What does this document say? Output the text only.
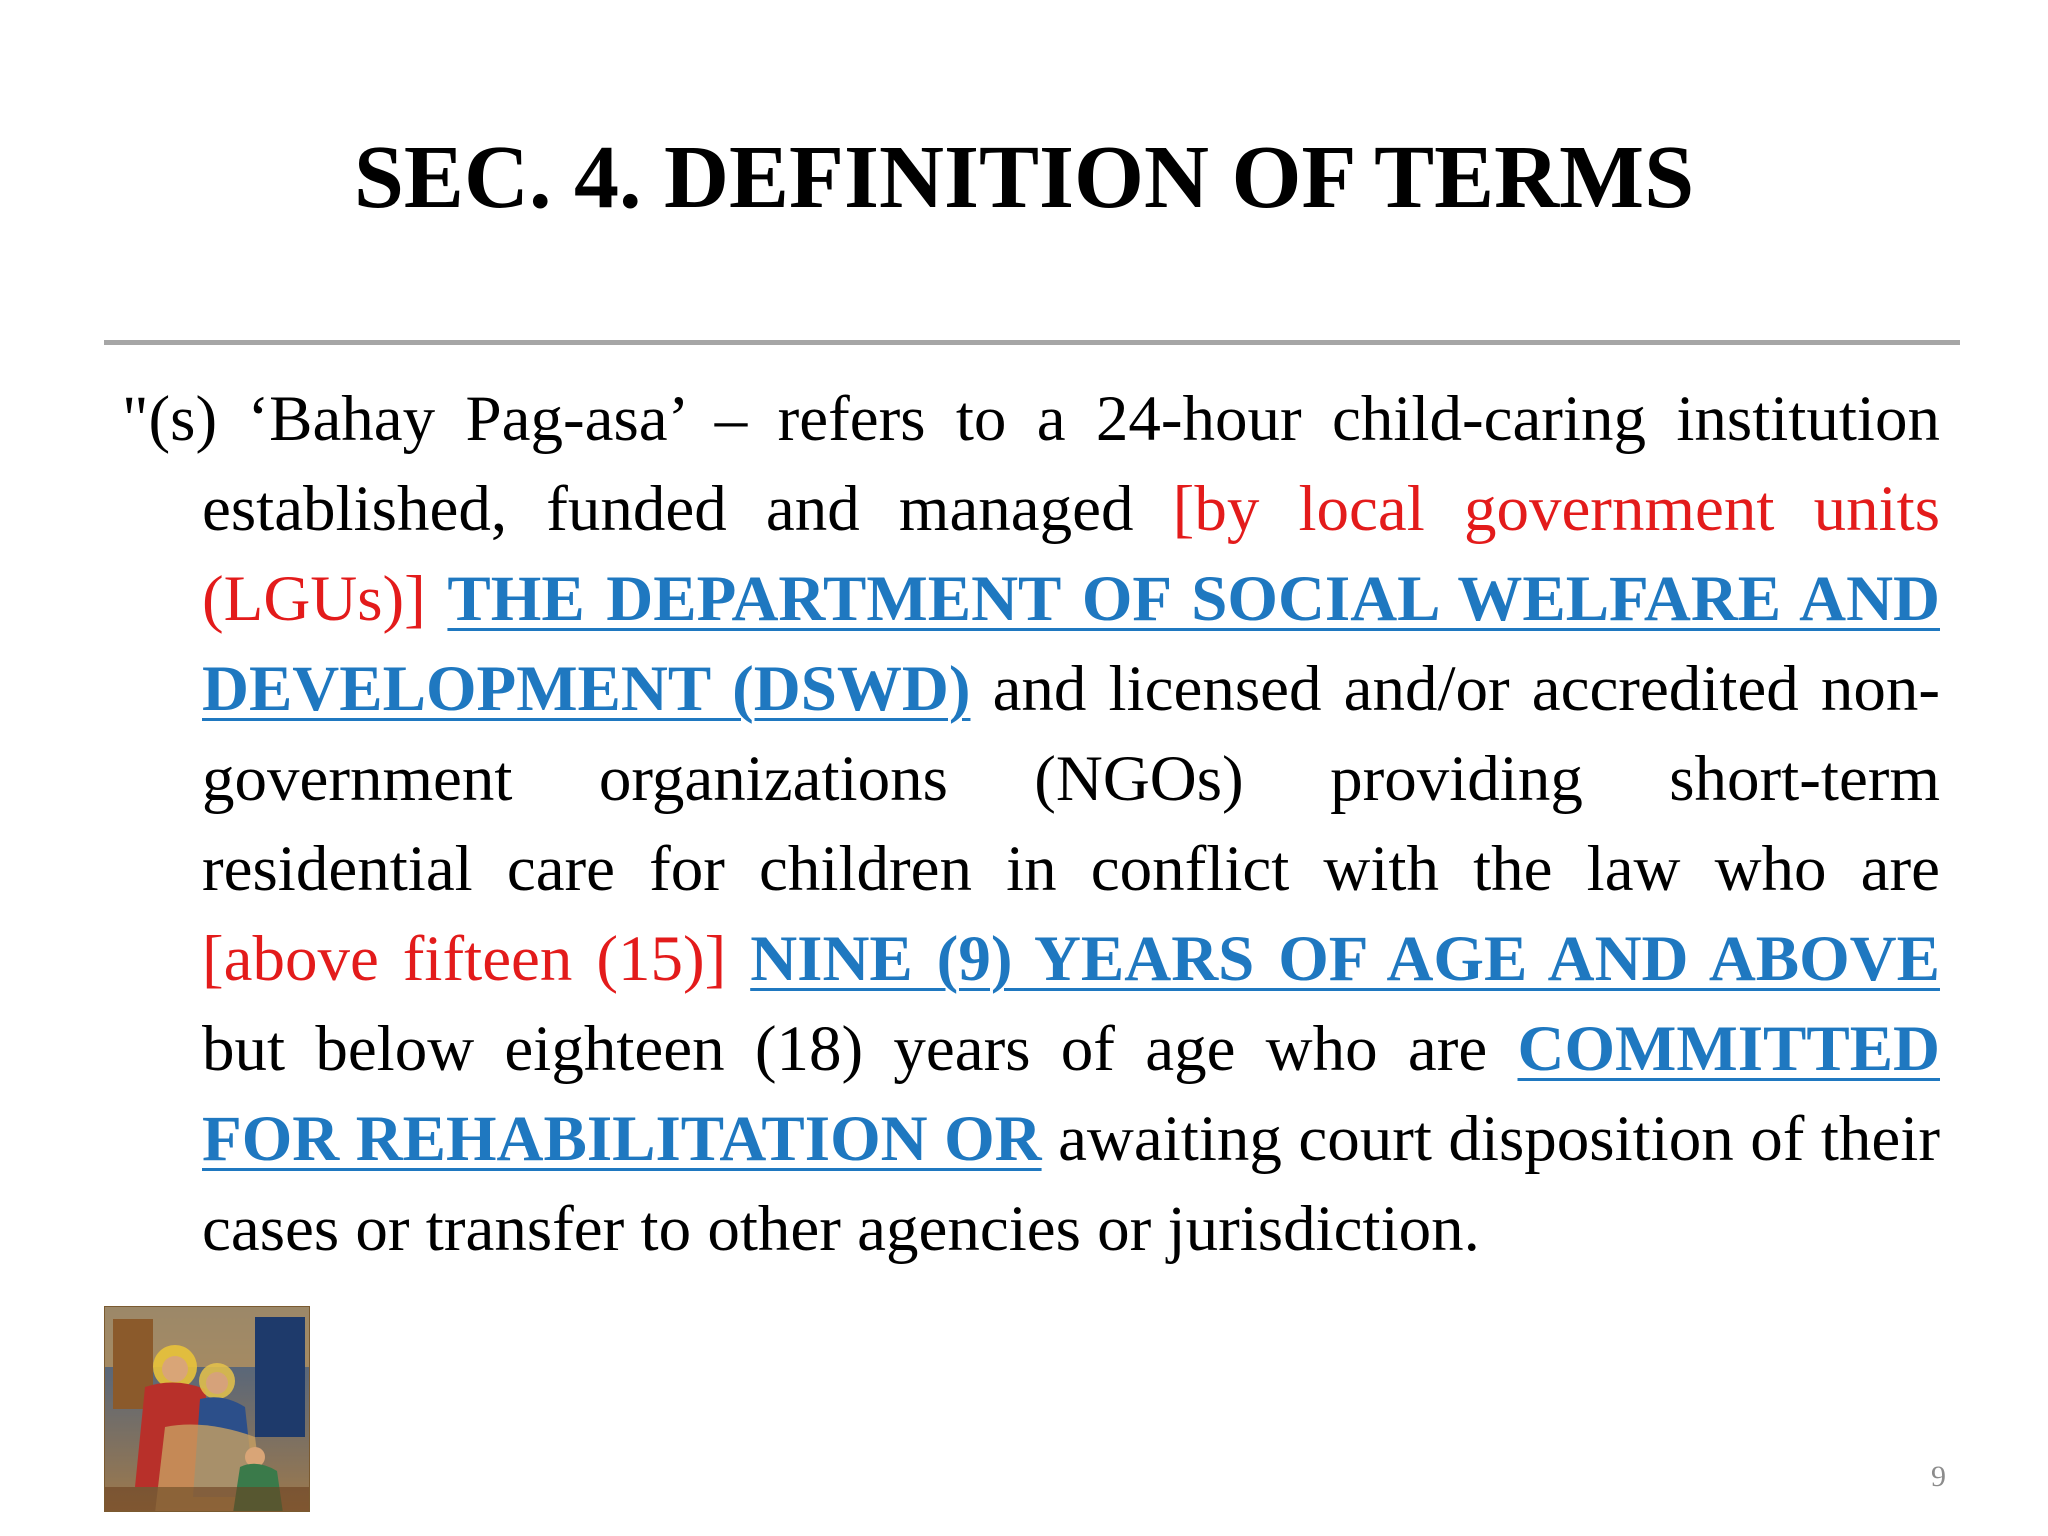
SEC. 4. DEFINITION OF TERMS
"(s) ‘Bahay Pag-asa’ – refers to a 24-hour child-caring institution established, funded and managed [by local government units (LGUs)] THE DEPARTMENT OF SOCIAL WELFARE AND DEVELOPMENT (DSWD) and licensed and/or accredited non-government organizations (NGOs) providing short-term residential care for children in conflict with the law who are [above fifteen (15)] NINE (9) YEARS OF AGE AND ABOVE but below eighteen (18) years of age who are COMMITTED FOR REHABILITATION OR awaiting court disposition of their cases or transfer to other agencies or jurisdiction.
9
